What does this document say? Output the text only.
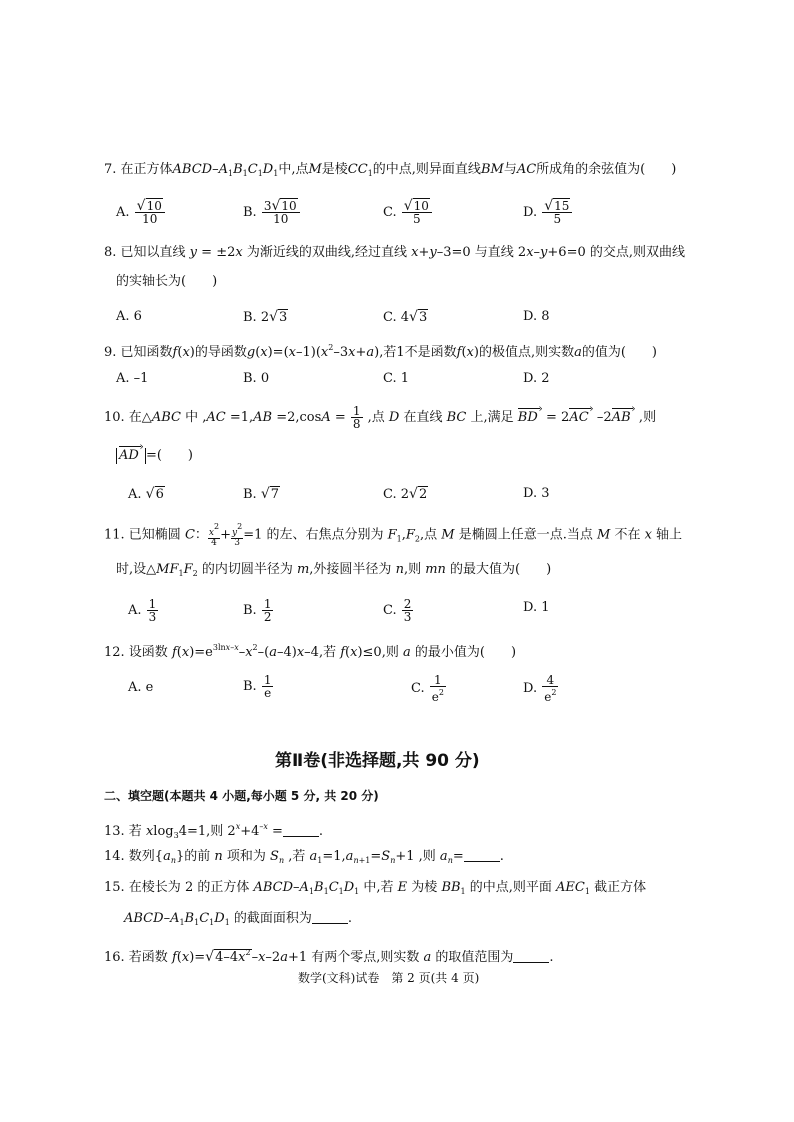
7. 在正方体ABCD–$A_1B_1C_1D_1$中,点M是棱$CC_1$的中点,则异面直线BM与AC所成角的余弦值为(　　)
A. $\frac{√10}{10}$	B. $\frac{3√10}{10}$	C. $\frac{√10}{5}$	D. $\frac{√15}{5}$
8. 已知以直线 y = ±2x 为渐近线的双曲线,经过直线 x+y–3=0 与直线 2x–y+6=0 的交点,则双曲线
的实轴长为(　　)
A. 6	B. 2√3	C. 4√3	D. 8
9. 已知函数f(x)的导函数$g(x)=(x-1)(x^2-3x+a)$,若1不是函数f(x)的极值点,则实数a的值为(　　)
A. –1	B. 0	C. 1	D. 2
10. 在△ABC 中 $,AC =1,AB =2,\cos A = \frac{1}{8}$ ,点 D 在直线 BC 上,满足 › BD  = 2› AC  –2› AB  ,则
› AD =(　　)
A. √6	B. √7	C. 2√2	D. 3
11. 已知椭圆 C： $\frac{x2}{4} + \frac{y2}{3} =1$ 的左、右焦点分别为 $F_1,F_2$,点 M 是椭圆上任意一点.当点 M 不在 x 轴上
时,设$\triangle MF_1F_2$ 的内切圆半径为 m,外接圆半径为 n,则 mn 的最大值为(　　)
A. $\frac{1}{3}$	B. $\frac{1}{2}$	C. $\frac{2}{3}$	D. 1
12. 设函数 $f(x)=e^{3lnx-x}-x^2-(a-4)x-4$,若 f(x)≤0,则 a 的最小值为(　　)
A. e	B. $\frac{1}{e}$	C. $\frac{1}{e^2}$	D. $\frac{4}{e^2}$
第Ⅱ卷(非选择题,共 90 分)
二、填空题(本题共 4 小题,每小题 5 分, 共 20 分)
13. 若 xlog$_3$4=1,则 $2^x+4^{-x}$ =	.
14. 数列$\{a_n\}$的前 n 项和为 $S_n$ ,若 $a_1=1,a_{n+1}=S_n+1$ ,则 $a_n=$	.
15. 在棱长为 2 的正方体 ABCD–$A_1B_1C_1D_1$ 中,若 E 为棱 $BB_1$ 的中点,则平面 $AEC_1$ 截正方体
ABCD–$A_1B_1C_1D_1$ 的截面面积为	.
16. 若函数 $f(x)=√4-4x^2-x-2a+1$ 有两个零点,则实数 a 的取值范围为	.
数学(文科)试卷　第 2 页(共 4 页)
